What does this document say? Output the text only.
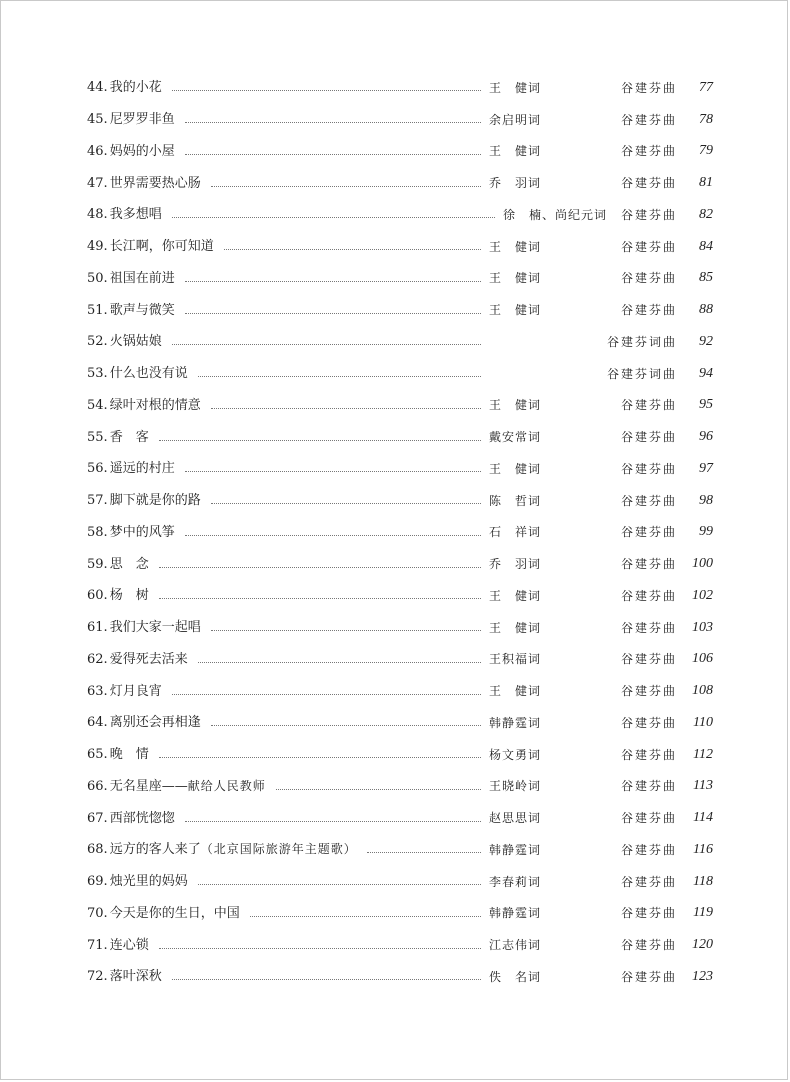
44. 我的小花	王　健词	谷建芬曲	77
45. 尼罗罗非鱼	余启明词	谷建芬曲	78
46. 妈妈的小屋	王　健词	谷建芬曲	79
47. 世界需要热心肠	乔　羽词	谷建芬曲	81
48. 我多想唱	徐　楠、尚纪元词 谷建芬曲	82
49. 长江啊，你可知道	王　健词	谷建芬曲	84
50. 祖国在前进	王　健词	谷建芬曲	85
51. 歌声与微笑	王　健词	谷建芬曲	88
52. 火锅姑娘	谷建芬词曲	92
53. 什么也没有说	谷建芬词曲	94
54. 绿叶对根的情意	王　健词	谷建芬曲	95
55. 香　客	戴安常词	谷建芬曲	96
56. 遥远的村庄	王　健词	谷建芬曲	97
57. 脚下就是你的路	陈　哲词	谷建芬曲	98
58. 梦中的风筝	石　祥词	谷建芬曲	99
59. 思　念	乔　羽词	谷建芬曲	100
60. 杨　树	王　健词	谷建芬曲	102
61. 我们大家一起唱	王　健词	谷建芬曲	103
62. 爱得死去活来	王积福词	谷建芬曲	106
63. 灯月良宵	王　健词	谷建芬曲	108
64. 离别还会再相逢	韩静霆词	谷建芬曲	110
65. 晚　情	杨文勇词	谷建芬曲	112
66. 无名星座——献给人民教师	王晓岭词	谷建芬曲	113
67. 西部恍惚惚	赵思思词	谷建芬曲	114
68. 远方的客人来了（北京国际旅游年主题歌）	韩静霆词	谷建芬曲	116
69. 烛光里的妈妈	李春莉词	谷建芬曲	118
70. 今天是你的生日，中国	韩静霆词	谷建芬曲	119
71. 连心锁	江志伟词	谷建芬曲	120
72. 落叶深秋	佚　名词	谷建芬曲	123
